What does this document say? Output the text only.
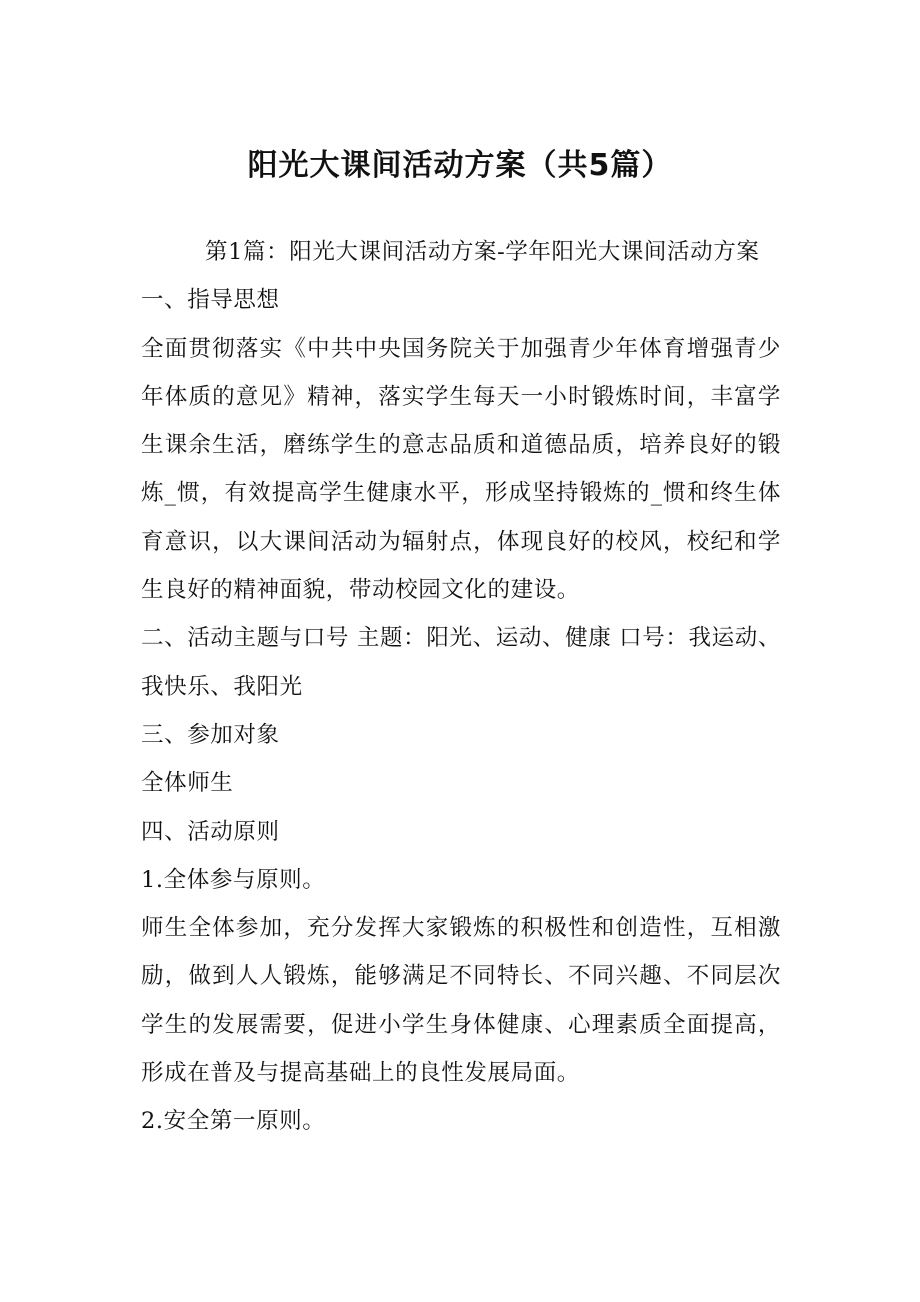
阳光大课间活动方案（共5篇）

第1篇：阳光大课间活动方案-学年阳光大课间活动方案

一、指导思想

全面贯彻落实《中共中央国务院关于加强青少年体育增强青少年体质的意见》精神，落实学生每天一小时锻炼时间，丰富学生课余生活，磨练学生的意志品质和道德品质，培养良好的锻炼_惯，有效提高学生健康水平，形成坚持锻炼的_惯和终生体育意识，以大课间活动为辐射点，体现良好的校风，校纪和学生良好的精神面貌，带动校园文化的建设。

二、活动主题与口号 主题：阳光、运动、健康 口号：我运动、我快乐、我阳光

三、参加对象

全体师生

四、活动原则

1.全体参与原则。

师生全体参加，充分发挥大家锻炼的积极性和创造性，互相激励，做到人人锻炼，能够满足不同特长、不同兴趣、不同层次学生的发展需要，促进小学生身体健康、心理素质全面提高，形成在普及与提高基础上的良性发展局面。

2.安全第一原则。
